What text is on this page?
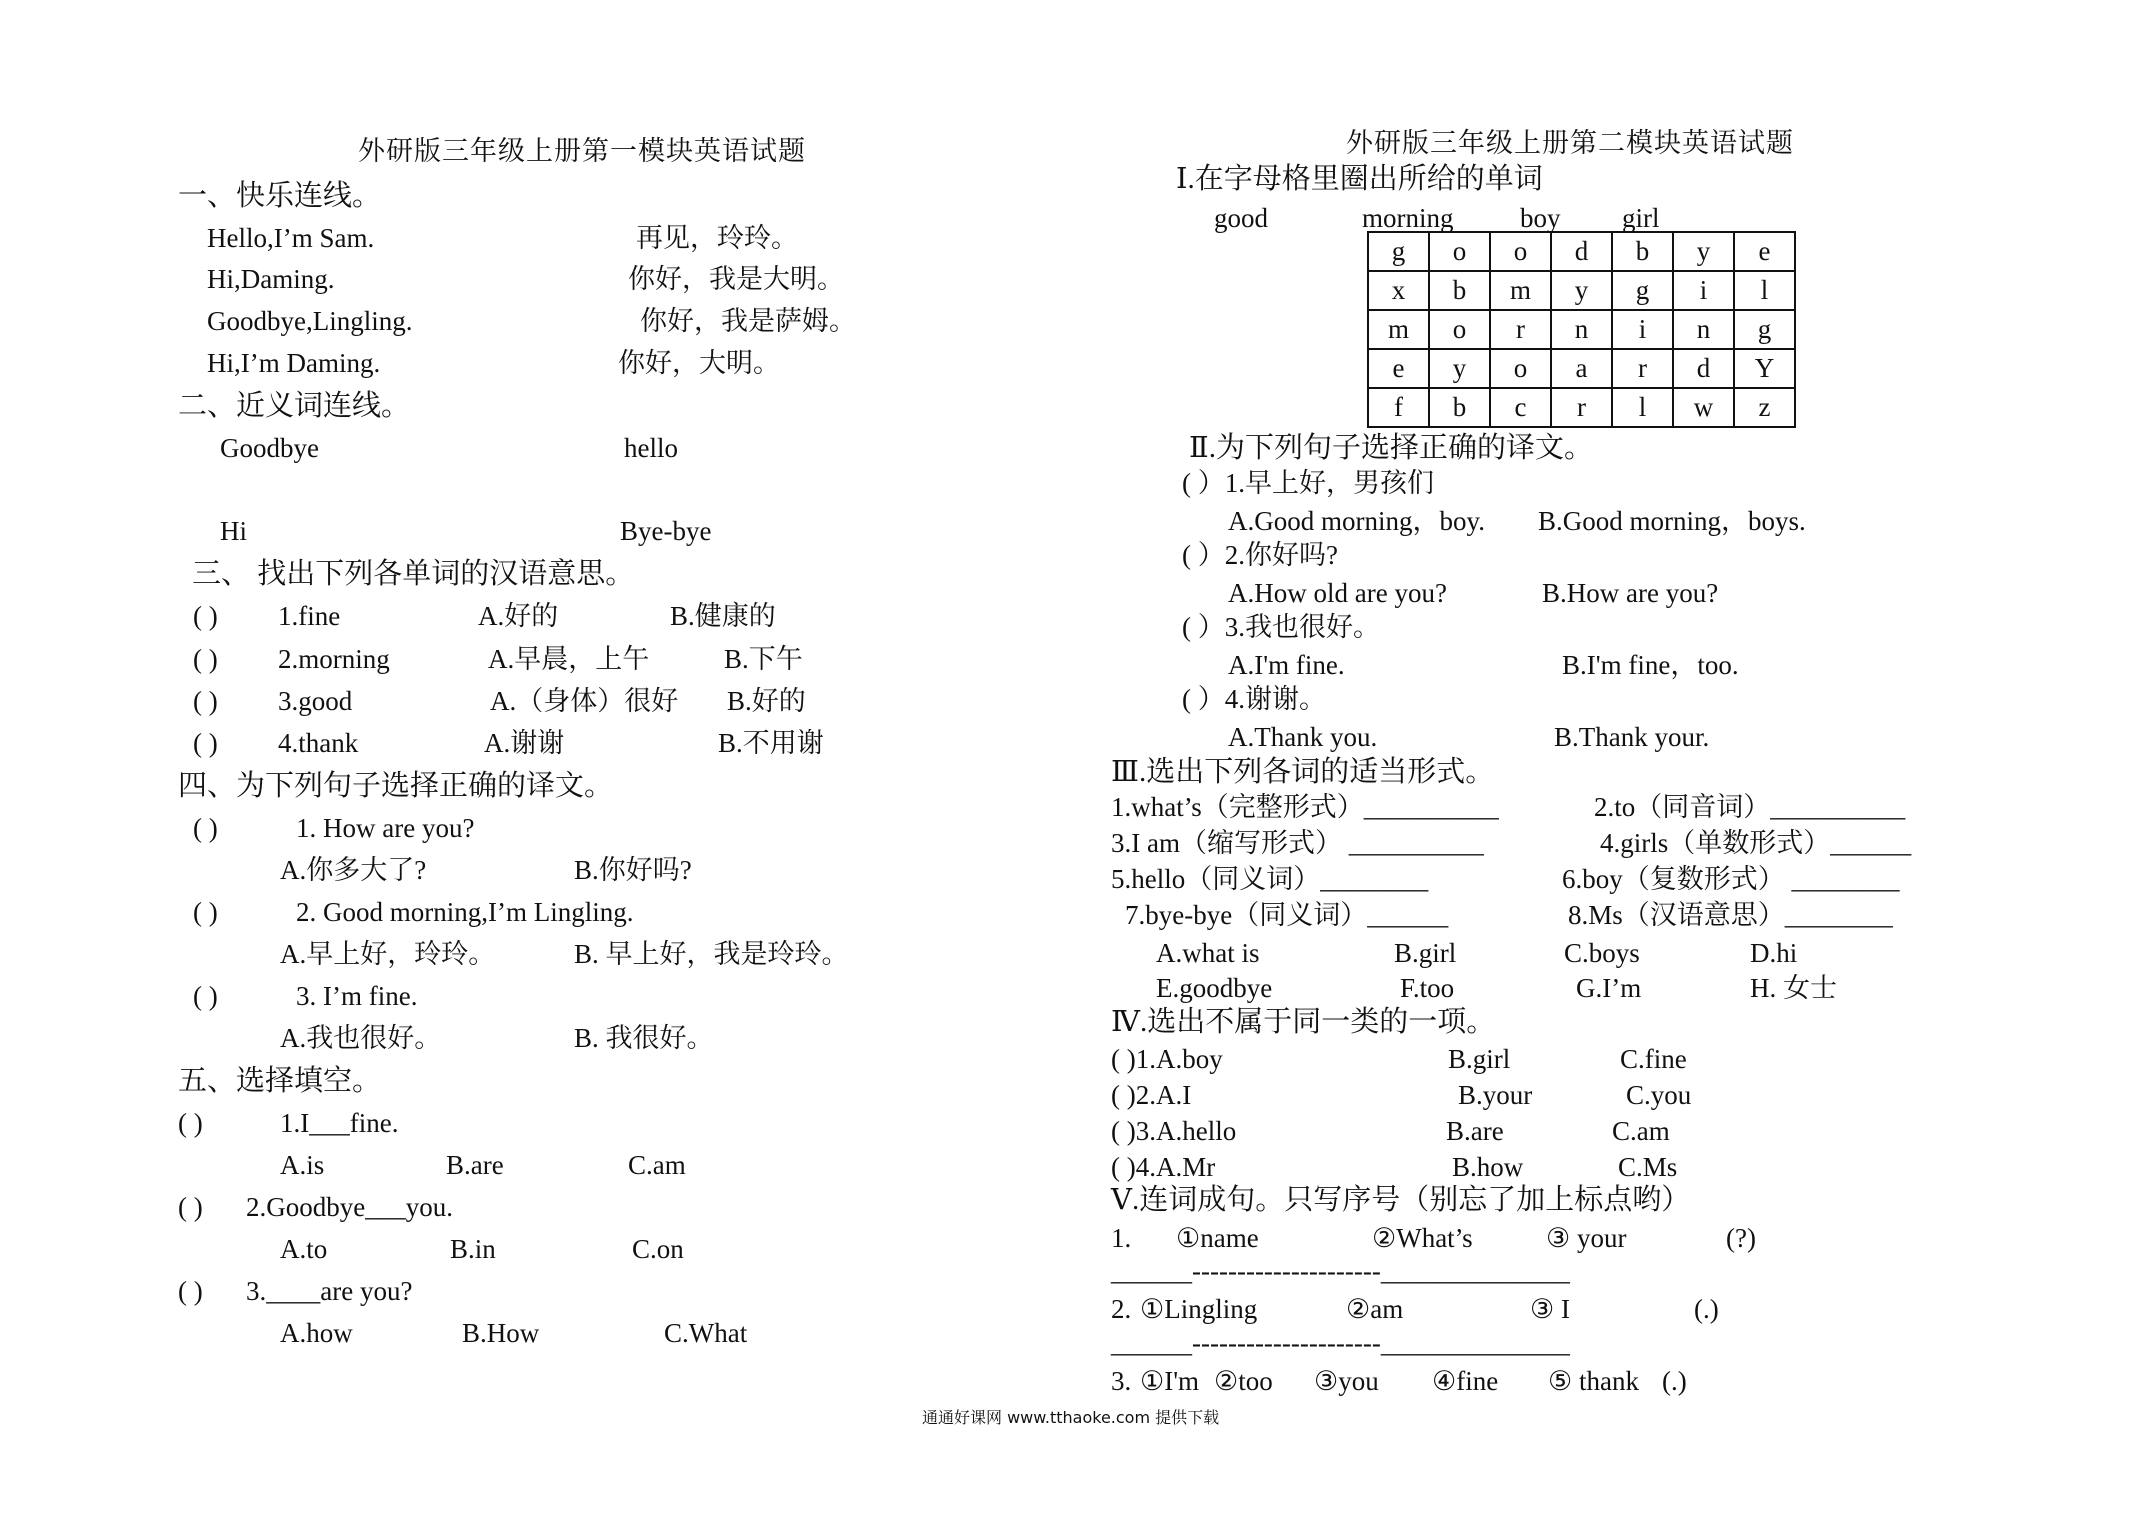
外研版三年级上册第一模块英语试题
一、快乐连线。
Hello,I’m Sam.
Hi,Daming.
Goodbye,Lingling.
Hi,I’m Daming.
再见，玲玲。
你好，我是大明。
你好，我是萨姆。
你好，大明。
二、近义词连线。
Goodbye	hello
Hi	Bye-bye
三、 找出下列各单词的汉语意思。
( ) 1.fine	A.好的	B.健康的
( ) 2.morning	A.早晨，上午	B.下午
( ) 3.good	A.（身体）很好 B.好的
( ) 4.thank	A.谢谢	B.不用谢
四、为下列句子选择正确的译文。
( )	1. How are you?
A.你多大了?	B.你好吗?
( )	2. Good morning,I’m Lingling.
A.早上好，玲玲。	B. 早上好，我是玲玲。
( )	3. I’m fine.
A.我也很好。	B. 我很好。
五、选择填空。
( )	1.I___fine.
A.is	B.are	C.am
( ) 2.Goodbye___you.
A.to	B.in	C.on
( ) 3.____are you?
A.how	B.How	C.What
外研版三年级上册第二模块英语试题
Ⅰ.在字母格里圈出所给的单词
good	morning boy girl
g	o	o	d	b	y	e
x	b	m	y	g	i	l
m	o	r	n	i	n	g
e	y	o	a	r	d	Y
f	b	c	r	l	w	z
Ⅱ.为下列句子选择正确的译文。
( ）1.早上好，男孩们
A.Good morning，boy. B.Good morning，boys.
( ）2.你好吗?
A.How old are you?	B.How are you?
( ）3.我也很好。
A.I'm fine.	B.I'm fine，too.
( ）4.谢谢。
A.Thank you.	B.Thank your.
Ⅲ.选出下列各词的适当形式。
1.what’s（完整形式）__________	2.to（同音词）__________
3.I am（缩写形式） __________	4.girls（单数形式）______
5.hello（同义词）________	6.boy（复数形式） ________
7.bye-bye（同义词）______	8.Ms（汉语意思）________
A.what is	B.girl	C.boys	D.hi
E.goodbye	F.too	G.I’m	H. 女士
Ⅳ.选出不属于同一类的一项。
( )1.A.boy	B.girl	C.fine
( )2.A.I	B.your	C.you
( )3.A.hello	B.are	C.am
( )4.A.Mr	B.how	C.Ms
Ⅴ.连词成句。只写序号（别忘了加上标点哟）
1. ①name	②What’s	③ your	(?)
______---------------------______________
2. ①Lingling	②am	③ I	(.)
______---------------------______________
3. ①I'm ②too ③you ④fine ⑤ thank (.)
通通好课网 www.tthaoke.com 提供下载
